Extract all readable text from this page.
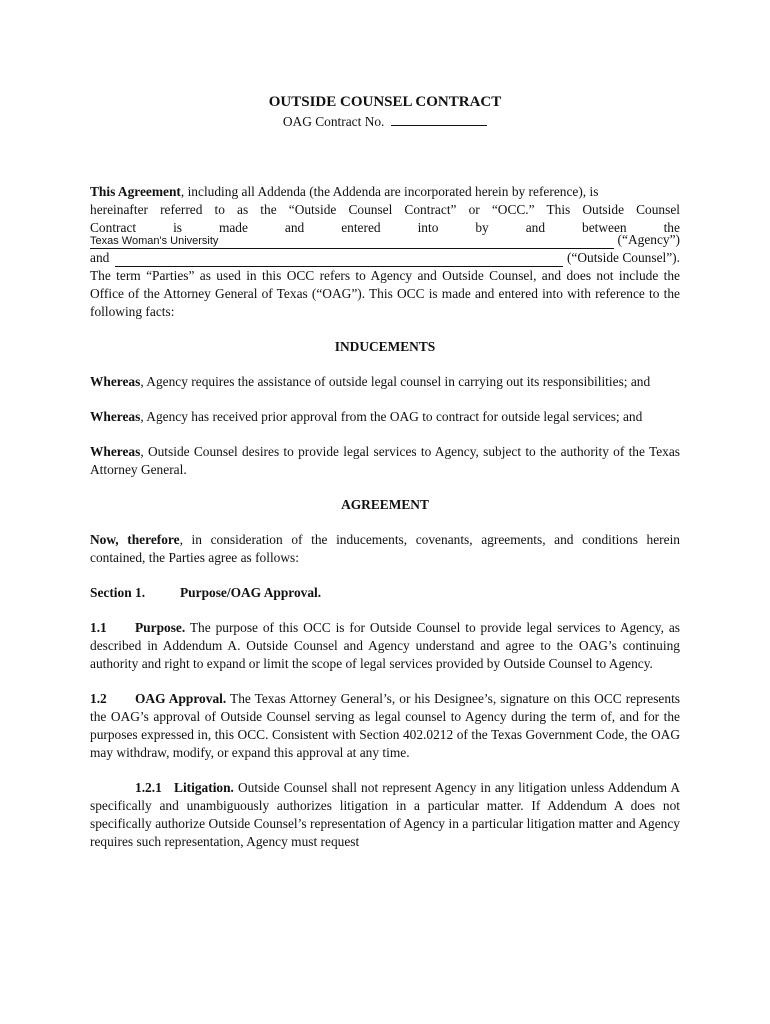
OUTSIDE COUNSEL CONTRACT

OAG Contract No.

This Agreement, including all Addenda (the Addenda are incorporated herein by reference), is

hereinafter referred to as the “Outside Counsel Contract” or “OCC.” This Outside Counsel

Contract	is	made	and	entered	into	by	and	between	the
Texas Woman's University	(“Agency”)
and	(“Outside Counsel”).

The term “Parties” as used in this OCC refers to Agency and Outside Counsel, and does not include the Office of the Attorney General of Texas (“OAG”). This OCC is made and entered into with reference to the following facts:

INDUCEMENTS

Whereas, Agency requires the assistance of outside legal counsel in carrying out its responsibilities; and

Whereas, Agency has received prior approval from the OAG to contract for outside legal services; and

Whereas, Outside Counsel desires to provide legal services to Agency, subject to the authority of the Texas Attorney General.

AGREEMENT

Now, therefore, in consideration of the inducements, covenants, agreements, and conditions herein contained, the Parties agree as follows:

Section 1.	Purpose/OAG Approval.

1.1 Purpose. The purpose of this OCC is for Outside Counsel to provide legal services to Agency, as described in Addendum A. Outside Counsel and Agency understand and agree to the OAG’s continuing authority and right to expand or limit the scope of legal services provided by Outside Counsel to Agency.

1.2 OAG Approval. The Texas Attorney General’s, or his Designee’s, signature on this OCC represents the OAG’s approval of Outside Counsel serving as legal counsel to Agency during the term of, and for the purposes expressed in, this OCC. Consistent with Section 402.0212 of the Texas Government Code, the OAG may withdraw, modify, or expand this approval at any time.

1.2.1 Litigation. Outside Counsel shall not represent Agency in any litigation unless Addendum A specifically and unambiguously authorizes litigation in a particular matter. If Addendum A does not specifically authorize Outside Counsel’s representation of Agency in a particular litigation matter and Agency requires such representation, Agency must request
